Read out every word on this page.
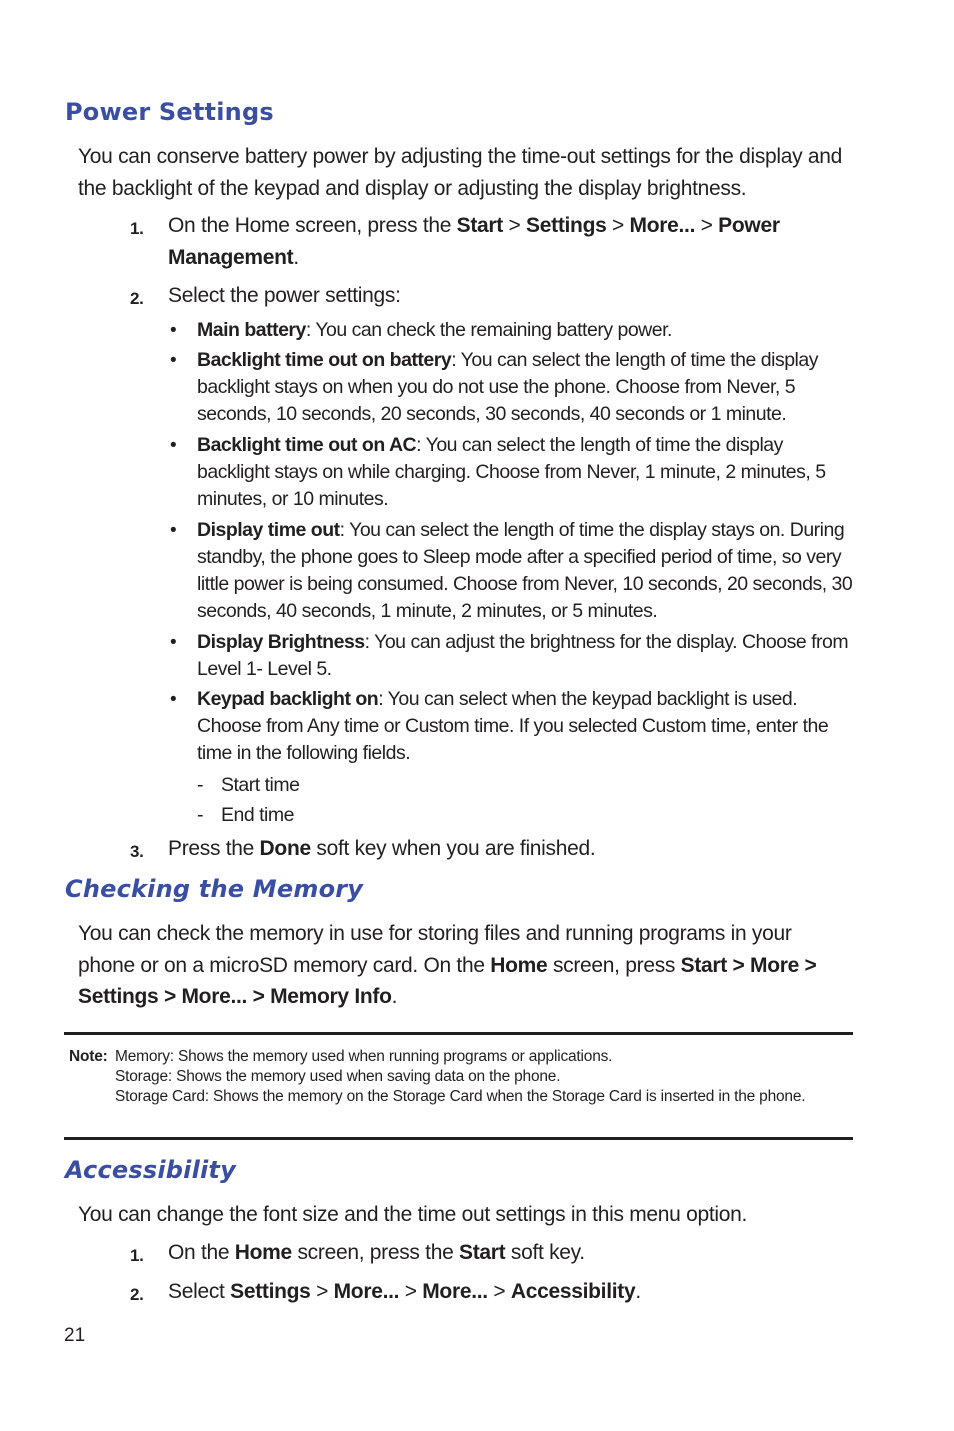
Power Settings

You can conserve battery power by adjusting the time-out settings for the display and the backlight of the keypad and display or adjusting the display brightness.

1.	On the Home screen, press the Start > Settings > More... > Power Management.
2.	Select the power settings:
• Main battery: You can check the remaining battery power.
• Backlight time out on battery: You can select the length of time the display backlight stays on when you do not use the phone. Choose from Never, 5 seconds, 10 seconds, 20 seconds, 30 seconds, 40 seconds or 1 minute.
• Backlight time out on AC: You can select the length of time the display backlight stays on while charging. Choose from Never, 1 minute, 2 minutes, 5 minutes, or 10 minutes.
• Display time out: You can select the length of time the display stays on. During standby, the phone goes to Sleep mode after a specified period of time, so very little power is being consumed. Choose from Never, 10 seconds, 20 seconds, 30 seconds, 40 seconds, 1 minute, 2 minutes, or 5 minutes.
• Display Brightness: You can adjust the brightness for the display. Choose from Level 1- Level 5.
• Keypad backlight on: You can select when the keypad backlight is used. Choose from Any time or Custom time. If you selected Custom time, enter the time in the following fields.
- Start time
- End time
3.	Press the Done soft key when you are finished.
Checking the Memory

You can check the memory in use for storing files and running programs in your phone or on a microSD memory card. On the Home screen, press Start > More > Settings > More... > Memory Info.

Note: Memory: Shows the memory used when running programs or applications.
Storage: Shows the memory used when saving data on the phone.
Storage Card: Shows the memory on the Storage Card when the Storage Card is inserted in the phone.
Accessibility

You can change the font size and the time out settings in this menu option.

1.	On the Home screen, press the Start soft key.
2.	Select Settings > More... > More... > Accessibility.
21
